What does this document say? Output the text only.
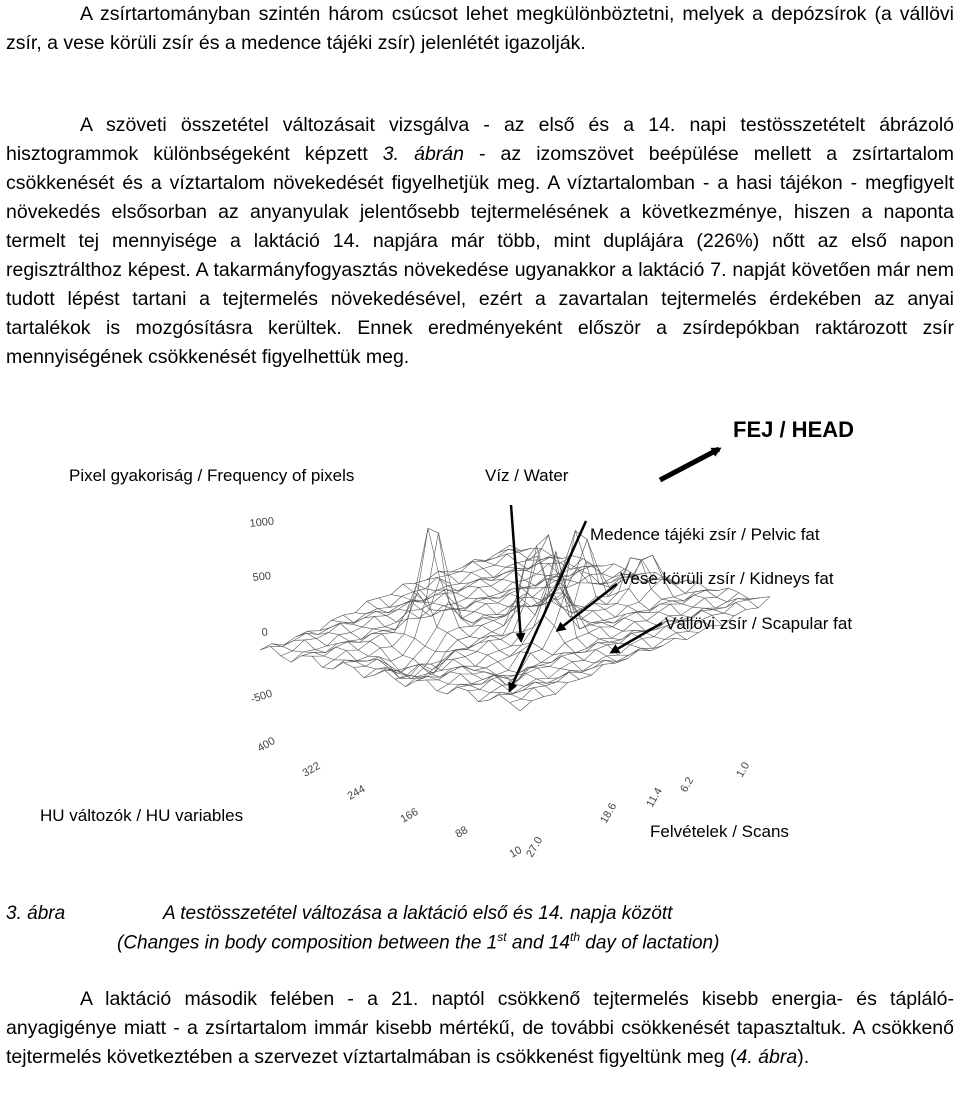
A zsírtartományban szintén három csúcsot lehet megkülönböztetni, melyek a depózsírok (a vállövi zsír, a vese körüli zsír és a medence tájéki zsír) jelenlétét igazolják.
A szöveti összetétel változásait vizsgálva - az első és a 14. napi testösszetételt ábrázoló hisztogrammok különbségeként képzett 3. ábrán - az izomszövet beépülése mellett a zsírtartalom csökkenését és a víztartalom növekedését figyelhetjük meg. A víztartalomban - a hasi tájékon - megfigyelt növekedés elsősorban az anyanyulak jelentősebb tejtermelésének a következménye, hiszen a naponta termelt tej mennyisége a laktáció 14. napjára már több, mint duplájára (226%) nőtt az első napon regisztrálthoz képest. A takarmányfogyasztás növekedése ugyanakkor a laktáció 7. napját követően már nem tudott lépést tartani a tejtermelés növekedésével, ezért a zavartalan tejtermelés érdekében az anyai tartalékok is mozgósításra kerültek. Ennek eredményeként először a zsírdepókban raktározott zsír mennyiségének csökkenését figyelhettük meg.
1000
500
0
-500
400
322
244
166
88
10 27.0
18.6
11.4
6.2
1.0
FEJ / HEAD
Pixel gyakoriság / Frequency of pixels	Víz / Water
Medence tájéki zsír / Pelvic fat
Vese körüli zsír / Kidneys fat
Vállövi zsír / Scapular fat
HU változók / HU variables
Felvételek / Scans
3. ábra	A testösszetétel változása a laktáció első és 14. napja között
(Changes in body composition between the 1st and 14th day of lactation)
A laktáció második felében - a 21. naptól csökkenő tejtermelés kisebb energia- és táplálóanyagigénye miatt - a zsírtartalom immár kisebb mértékű, de további csökkenését tapasztaltuk. A csökkenő tejtermelés következtében a szervezet víztartalmában is csökkenést figyeltünk meg (4. ábra).
